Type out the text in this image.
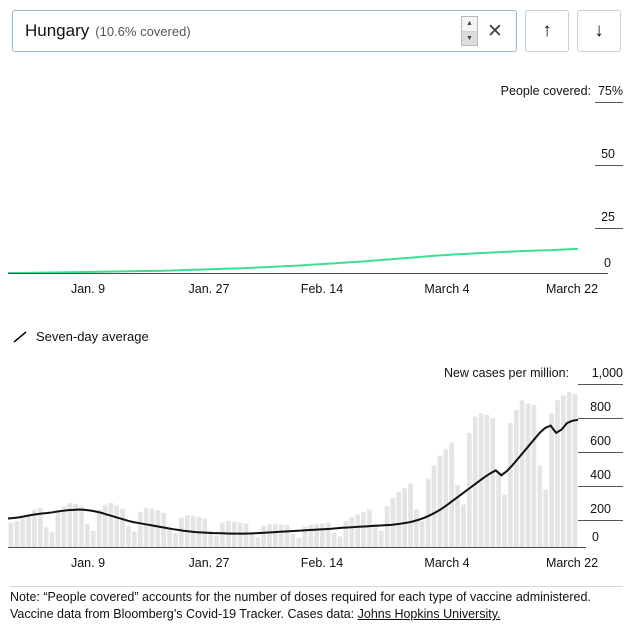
Hungary (10.6% covered)
▲
▼ ✕	↑	↓
People covered: 75%
50
25
0
Jan. 9	Jan. 27	Feb. 14	March 4	March 22
Seven-day average
New cases per million: 1,000
800
600
400
200
0
Jan. 9	Jan. 27	Feb. 14	March 4	March 22
Note: “People covered” accounts for the number of doses required for each type of vaccine administered. Vaccine data from Bloomberg’s Covid-19 Tracker. Cases data: Johns Hopkins University.
